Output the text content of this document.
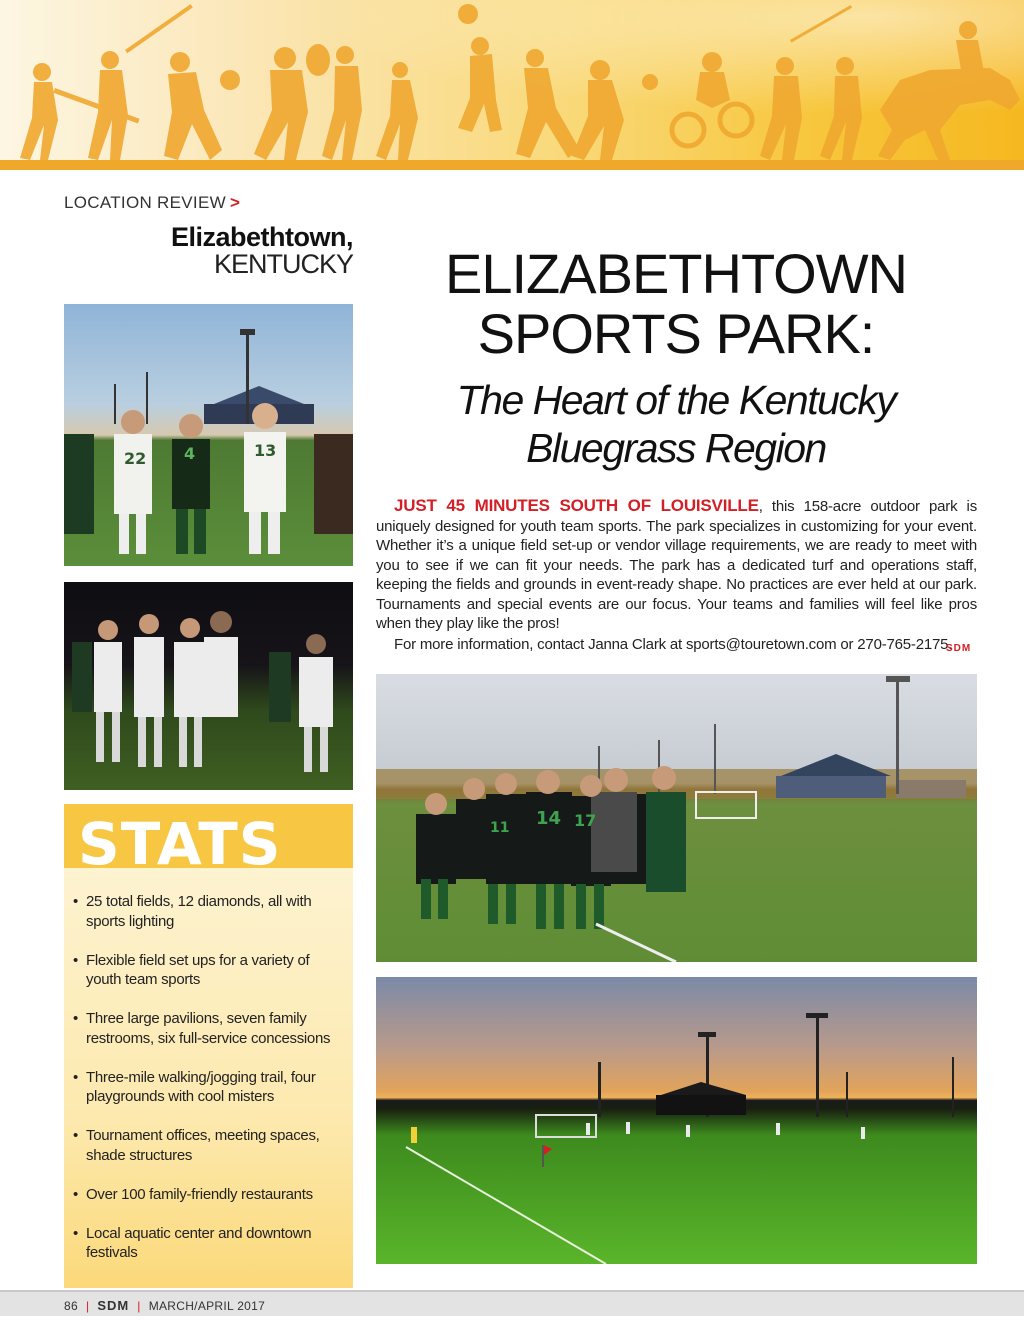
LOCATION REVIEW >
Elizabethtown,
KENTUCKY	ELIZABETHTOWN
SPORTS PARK:
The Heart of the Kentucky
Bluegrass Region
JUST 45 MINUTES SOUTH OF LOUISVILLE, this 158-acre outdoor park is uniquely designed for youth team sports. The park specializes in customizing for your event. Whether it’s a unique field set-up or vendor village requirements, we are ready to meet with you to see if we can fit your needs. The park has a dedicated turf and operations staff, keeping the fields and grounds in event-ready shape. No practices are ever held at our park. Tournaments and special events are our focus. Your teams and families will feel like pros when they play like the pros!
For more information, contact Janna Clark at sports@touretown.com or 270-765-2175.
SDM
22 4	13
STATS
• 25 total fields, 12 diamonds, all with sports lighting
• Flexible field set ups for a variety of youth team sports
• Three large pavilions, seven family restrooms, six full-service concessions
• Three-mile walking/jogging trail, four playgrounds with cool misters
• Tournament offices, meeting spaces, shade structures
• Over 100 family-friendly restaurants
• Local aquatic center and downtown festivals
14 17
11
86 | SDM | MARCH/APRIL 2017
